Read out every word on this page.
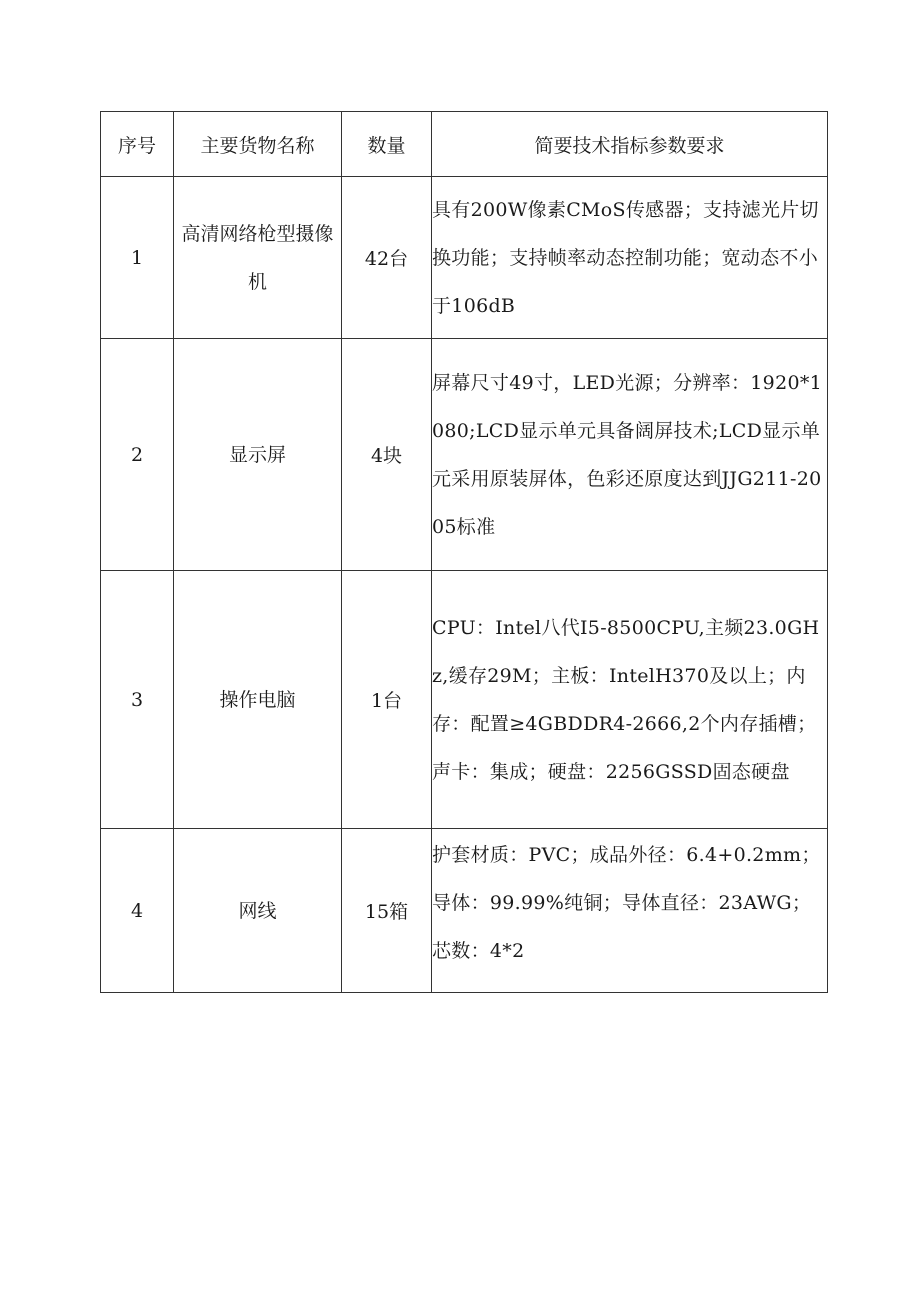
序号	主要货物名称	数量	简要技术指标参数要求
1	高清网络枪型摄像机	42台	具有200W像素CMoS传感器；支持滤光片切换功能；支持帧率动态控制功能；宽动态不小于106dB
2	显示屏	4块	屏幕尺寸49寸，LED光源；分辨率：1920*1080;LCD显示单元具备阔屏技术;LCD显示单元采用原装屏体，色彩还原度达到JJG211-2005标准
3	操作电脑	1台	CPU：Intel八代I5-8500CPU,主频23.0GHz,缓存29M；主板：IntelH370及以上；内存：配置≥4GBDDR4-2666,2个内存插槽；声卡：集成；硬盘：2256GSSD固态硬盘
4	网线	15箱	护套材质：PVC；成品外径：6.4+0.2mm；导体：99.99%纯铜；导体直径：23AWG；芯数：4*2
